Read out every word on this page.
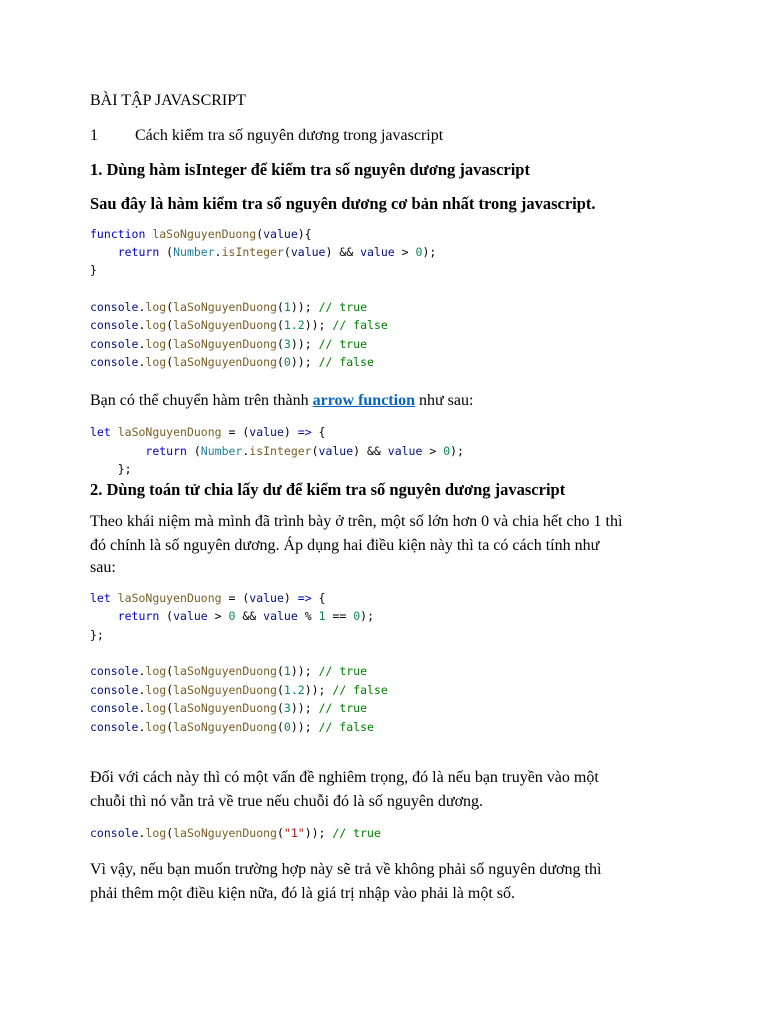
BÀI TẬP JAVASCRIPT
1 Cách kiểm tra số nguyên dương trong javascript
1. Dùng hàm isInteger để kiểm tra số nguyên dương javascript
Sau đây là hàm kiểm tra số nguyên dương cơ bản nhất trong javascript.
function laSoNguyenDuong(value){
return (Number.isInteger(value) && value > 0);
}
console.log(laSoNguyenDuong(1)); // true
console.log(laSoNguyenDuong(1.2)); // false
console.log(laSoNguyenDuong(3)); // true
console.log(laSoNguyenDuong(0)); // false
Bạn có thể chuyển hàm trên thành arrow function như sau:
let laSoNguyenDuong = (value) => {
return (Number.isInteger(value) && value > 0);
};
2. Dùng toán tử chia lấy dư để kiểm tra số nguyên dương javascript
Theo khái niệm mà mình đã trình bày ở trên, một số lớn hơn 0 và chia hết cho 1 thì
đó chính là số nguyên dương. Áp dụng hai điều kiện này thì ta có cách tính như
sau:
let laSoNguyenDuong = (value) => {
return (value > 0 && value % 1 == 0);
};
console.log(laSoNguyenDuong(1)); // true
console.log(laSoNguyenDuong(1.2)); // false
console.log(laSoNguyenDuong(3)); // true
console.log(laSoNguyenDuong(0)); // false
Đối với cách này thì có một vấn đề nghiêm trọng, đó là nếu bạn truyền vào một
chuỗi thì nó vẫn trả về true nếu chuỗi đó là số nguyên dương.
console.log(laSoNguyenDuong("1")); // true
Vì vậy, nếu bạn muốn trường hợp này sẽ trả về không phải số nguyên dương thì
phải thêm một điều kiện nữa, đó là giá trị nhập vào phải là một số.
